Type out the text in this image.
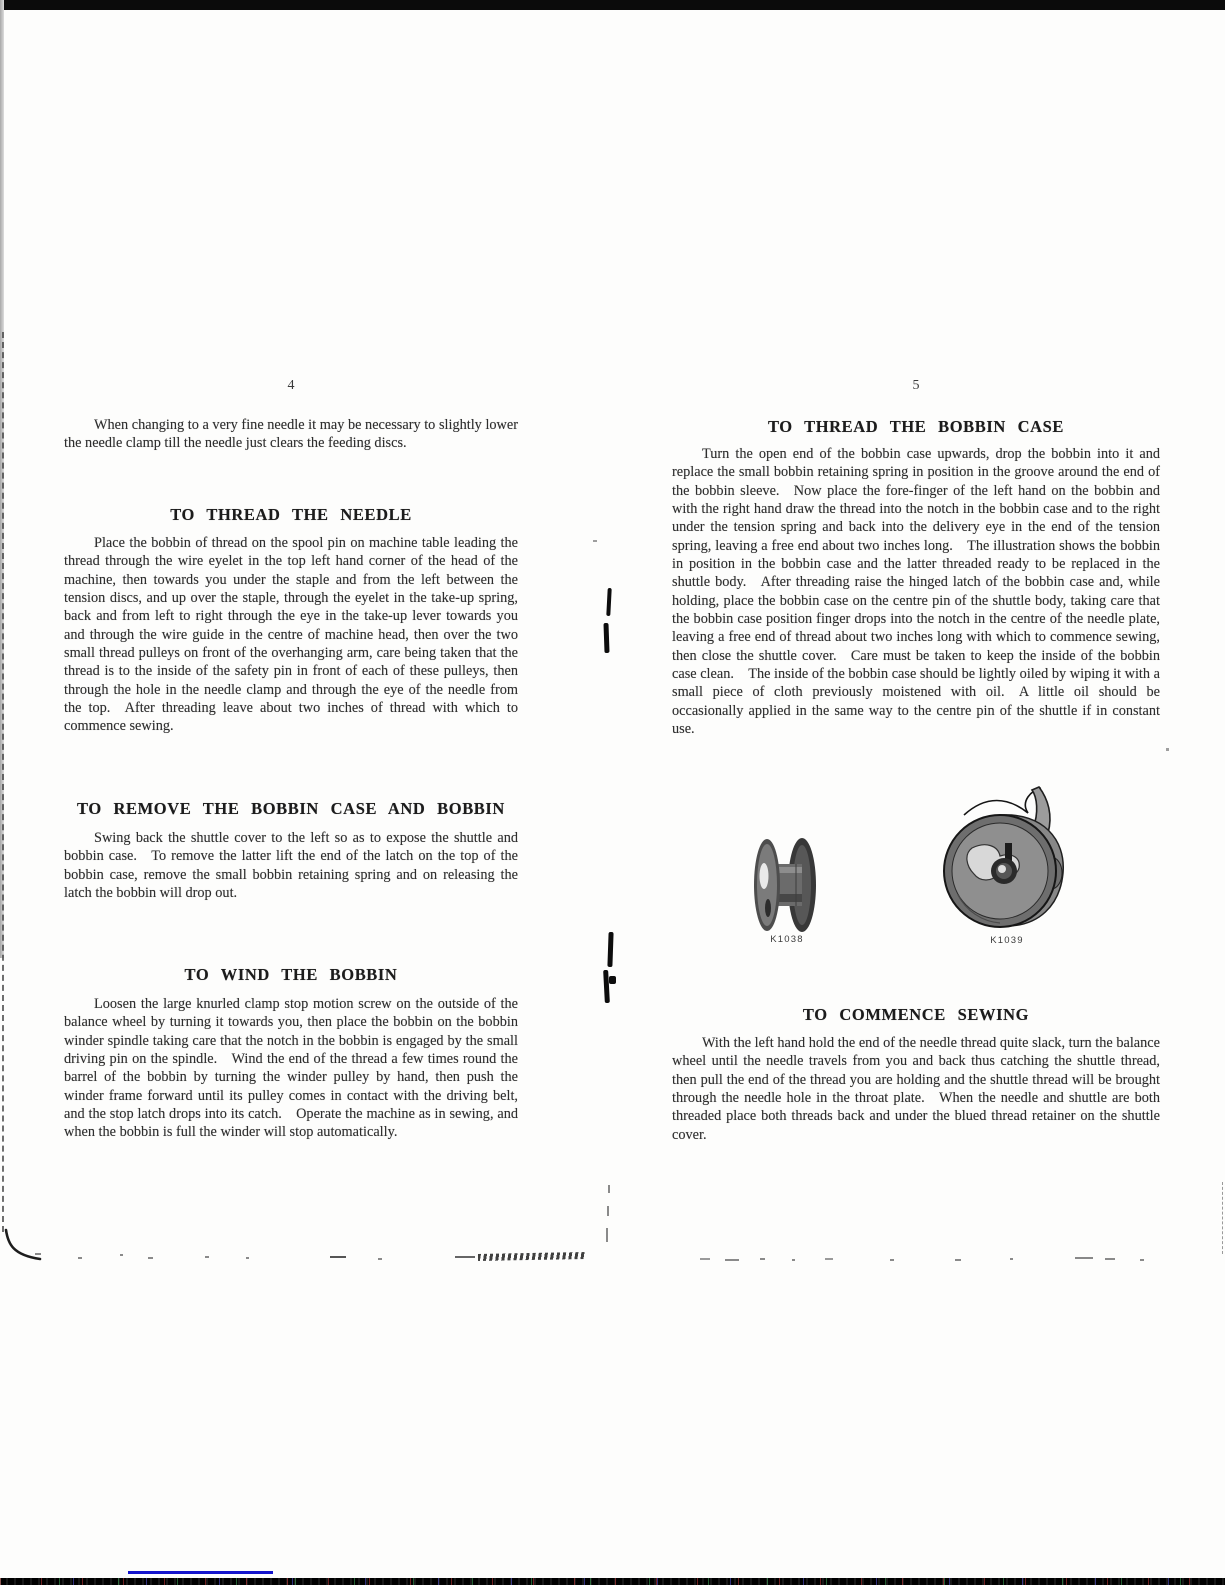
4
When changing to a very fine needle it may be necessary to slightly lower the needle clamp till the needle just clears the feeding discs.
TO THREAD THE NEEDLE
Place the bobbin of thread on the spool pin on machine table leading the thread through the wire eyelet in the top left hand corner of the head of the machine, then towards you under the staple and from the left between the tension discs, and up over the staple, through the eyelet in the take-up spring, back and from left to right through the eye in the take-up lever towards you and through the wire guide in the centre of machine head, then over the two small thread pulleys on front of the overhanging arm, care being taken that the thread is to the inside of the safety pin in front of each of these pulleys, then through the hole in the needle clamp and through the eye of the needle from the top. After threading leave about two inches of thread with which to commence sewing.
TO REMOVE THE BOBBIN CASE AND BOBBIN
Swing back the shuttle cover to the left so as to expose the shuttle and bobbin case. To remove the latter lift the end of the latch on the top of the bobbin case, remove the small bobbin retaining spring and on releasing the latch the bobbin will drop out.
TO WIND THE BOBBIN
Loosen the large knurled clamp stop motion screw on the outside of the balance wheel by turning it towards you, then place the bobbin on the bobbin winder spindle taking care that the notch in the bobbin is engaged by the small driving pin on the spindle. Wind the end of the thread a few times round the barrel of the bobbin by turning the winder pulley by hand, then push the winder frame forward until its pulley comes in contact with the driving belt, and the stop latch drops into its catch. Operate the machine as in sewing, and when the bobbin is full the winder will stop automatically.
5
TO THREAD THE BOBBIN CASE
Turn the open end of the bobbin case upwards, drop the bobbin into it and replace the small bobbin retaining spring in position in the groove around the end of the bobbin sleeve. Now place the fore-finger of the left hand on the bobbin and with the right hand draw the thread into the notch in the bobbin case and to the right under the tension spring and back into the delivery eye in the end of the tension spring, leaving a free end about two inches long. The illustration shows the bobbin in position in the bobbin case and the latter threaded ready to be replaced in the shuttle body. After threading raise the hinged latch of the bobbin case and, while holding, place the bobbin case on the centre pin of the shuttle body, taking care that the bobbin case position finger drops into the notch in the centre of the needle plate, leaving a free end of thread about two inches long with which to commence sewing, then close the shuttle cover. Care must be taken to keep the inside of the bobbin case clean. The inside of the bobbin case should be lightly oiled by wiping it with a small piece of cloth previously moistened with oil. A little oil should be occasionally applied in the same way to the centre pin of the shuttle if in constant use.
K1038	K1039
TO COMMENCE SEWING
With the left hand hold the end of the needle thread quite slack, turn the balance wheel until the needle travels from you and back thus catching the shuttle thread, then pull the end of the thread you are holding and the shuttle thread will be brought through the needle hole in the throat plate. When the needle and shuttle are both threaded place both threads back and under the blued thread retainer on the shuttle cover.
